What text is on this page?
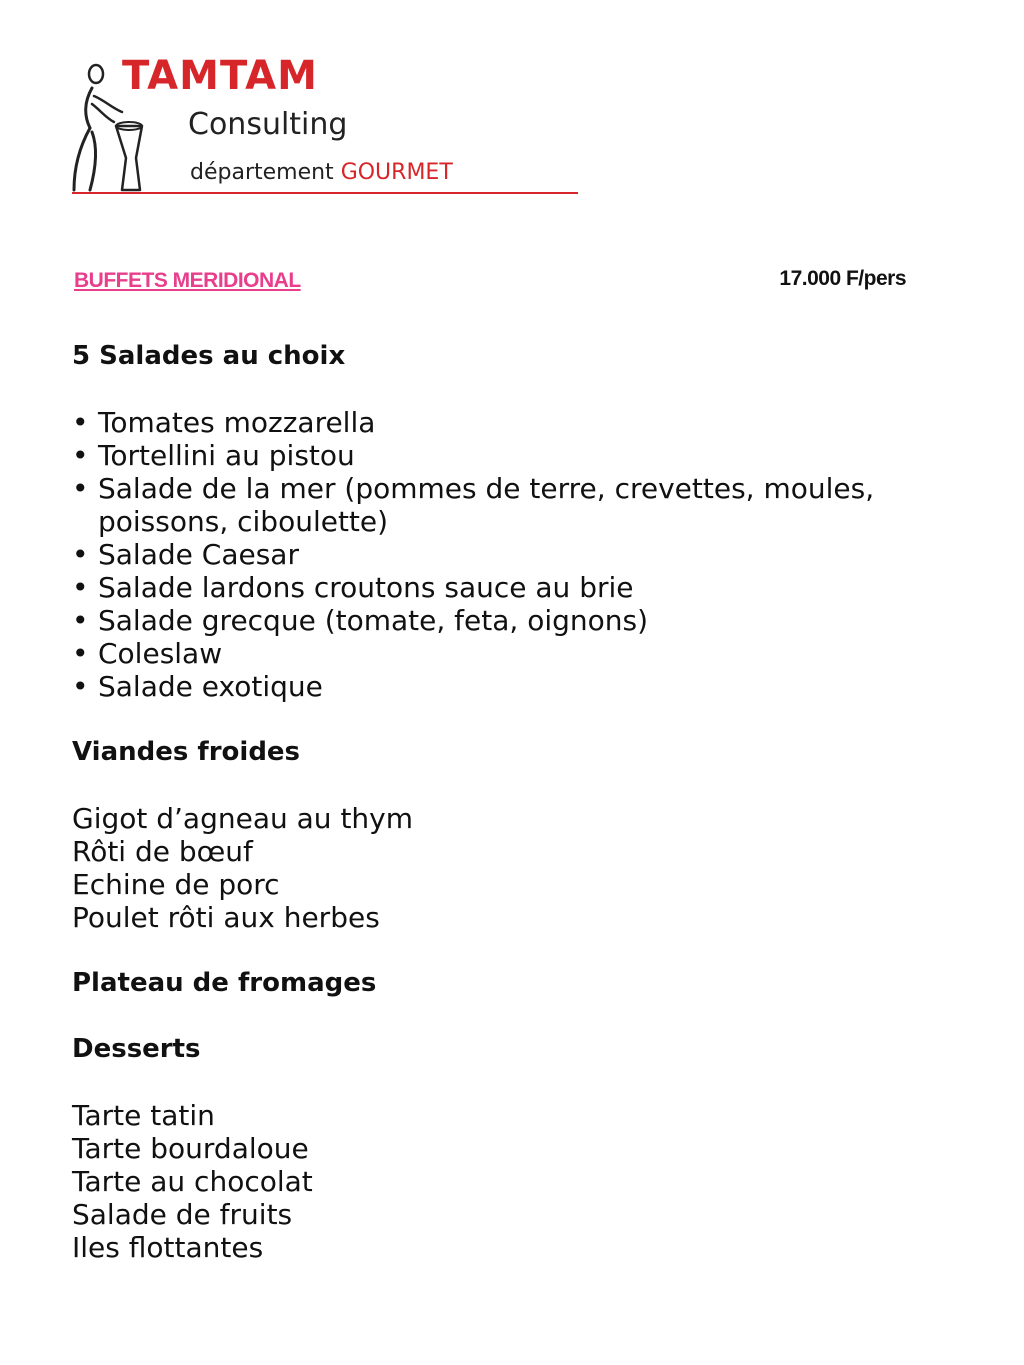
TAMTAM
Consulting
département GOURMET
BUFFETS MERIDIONAL	17.000 F/pers

5 Salades au choix

• Tomates mozzarella
• Tortellini au pistou
• Salade de la mer (pommes de terre, crevettes, moules, poissons, ciboulette)
• Salade Caesar
• Salade lardons croutons sauce au brie
• Salade grecque (tomate, feta, oignons)
• Coleslaw
• Salade exotique

Viandes froides

Gigot d’agneau au thym

Rôti de bœuf

Echine de porc

Poulet rôti aux herbes

Plateau de fromages

Desserts

Tarte tatin

Tarte bourdaloue

Tarte au chocolat

Salade de fruits

Iles flottantes
